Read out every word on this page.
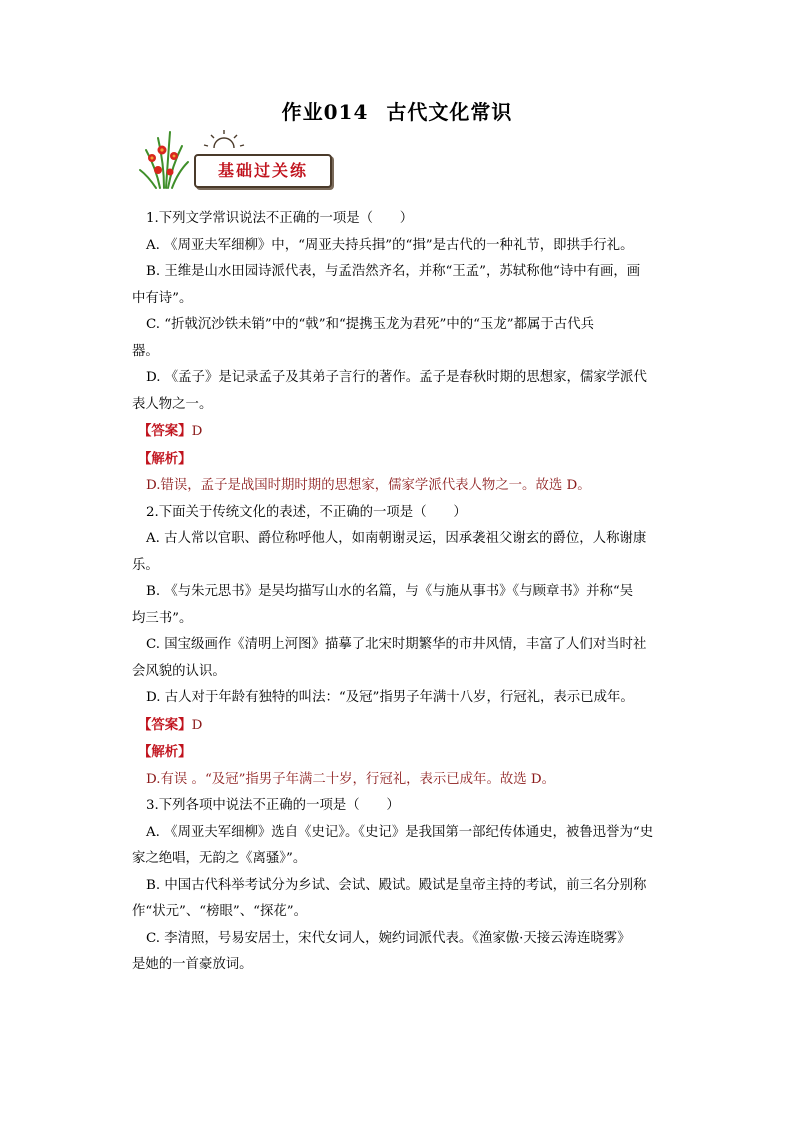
作业014 古代文化常识
基础过关练
1.下列文学常识说法不正确的一项是（　　）
A. 《周亚夫军细柳》中，“周亚夫持兵揖”的“揖”是古代的一种礼节，即拱手行礼。
B. 王维是山水田园诗派代表，与孟浩然齐名，并称“王孟”，苏轼称他“诗中有画，画
中有诗”。
C. “折戟沉沙铁未销”中的“戟”和“提携玉龙为君死”中的“玉龙”都属于古代兵
器。
D. 《孟子》是记录孟子及其弟子言行的著作。孟子是春秋时期的思想家，儒家学派代
表人物之一。
【答案】D
【解析】
D.错误，孟子是战国时期时期的思想家，儒家学派代表人物之一。故选 D。
2.下面关于传统文化的表述，不正确的一项是（　　）
A. 古人常以官职、爵位称呼他人，如南朝谢灵运，因承袭祖父谢玄的爵位，人称谢康
乐。
B. 《与朱元思书》是吴均描写山水的名篇，与《与施从事书》《与顾章书》并称“吴
均三书”。
C. 国宝级画作《清明上河图》描摹了北宋时期繁华的市井风情，丰富了人们对当时社
会风貌的认识。
D. 古人对于年龄有独特的叫法：“及冠”指男子年满十八岁，行冠礼，表示已成年。
【答案】D
【解析】
D.有误 。“及冠”指男子年满二十岁，行冠礼，表示已成年。故选 D。
3.下列各项中说法不正确的一项是（　　）
A. 《周亚夫军细柳》选自《史记》。《史记》是我国第一部纪传体通史，被鲁迅誉为“史
家之绝唱，无韵之《离骚》”。
B. 中国古代科举考试分为乡试、会试、殿试。殿试是皇帝主持的考试，前三名分别称
作“状元”、“榜眼”、“探花”。
C. 李清照，号易安居士，宋代女词人，婉约词派代表。《渔家傲·天接云涛连晓雾》
是她的一首豪放词。
